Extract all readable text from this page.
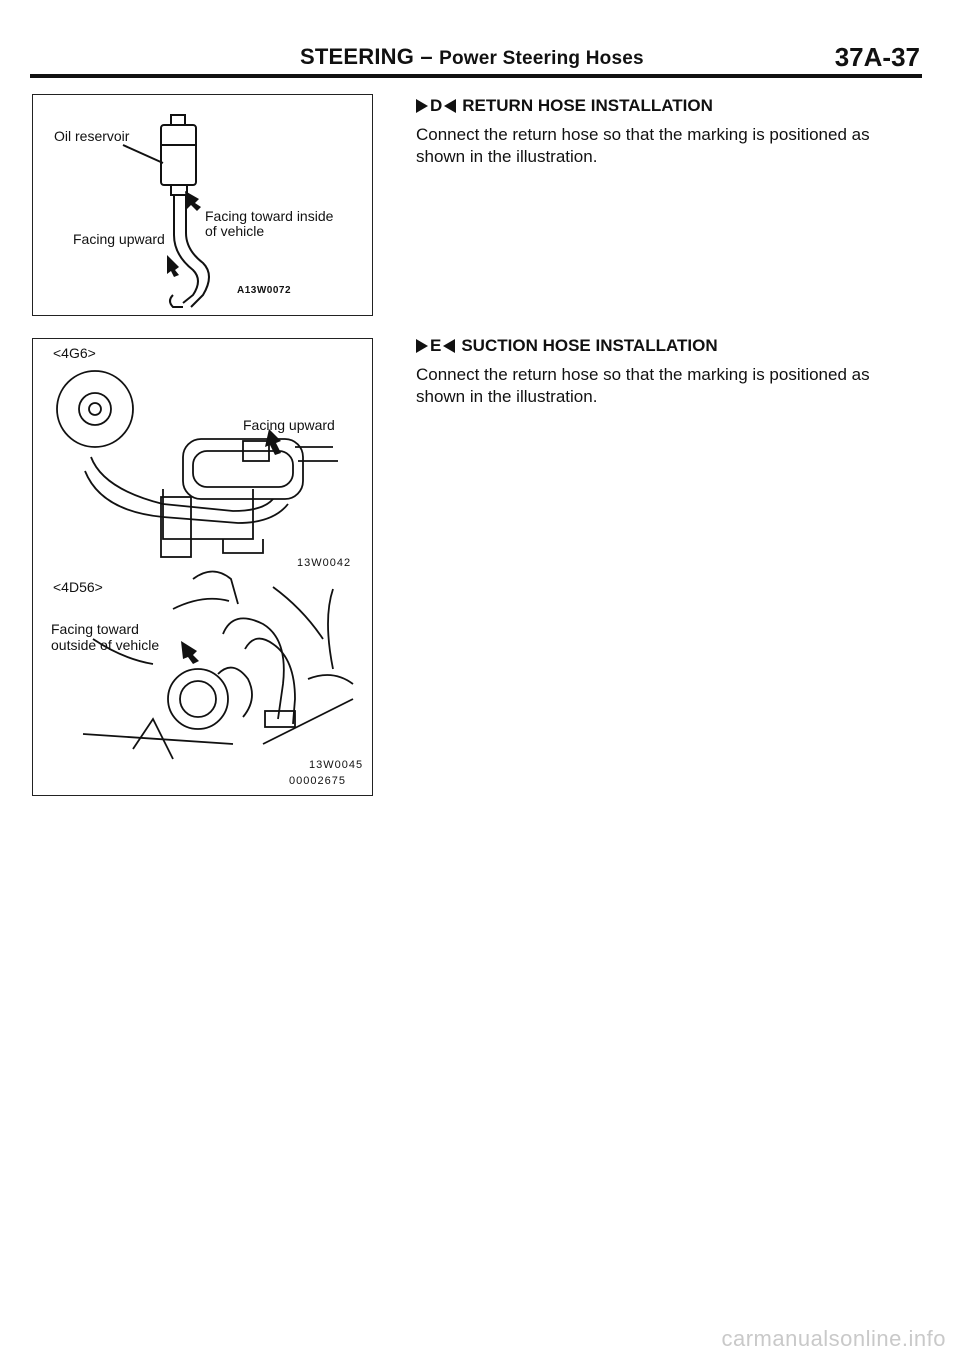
STEERING – Power Steering Hoses	37A-37
Oil reservoir
Facing toward inside
of vehicle
Facing upward
A13W0072
<4G6>
Facing upward
13W0042
<4D56>
Facing toward
outside of vehicle
13W0045
00002675
D RETURN HOSE INSTALLATION

Connect the return hose so that the marking is positioned as shown in the illustration.

E SUCTION HOSE INSTALLATION

Connect the return hose so that the marking is positioned as shown in the illustration.

carmanualsonline.info
